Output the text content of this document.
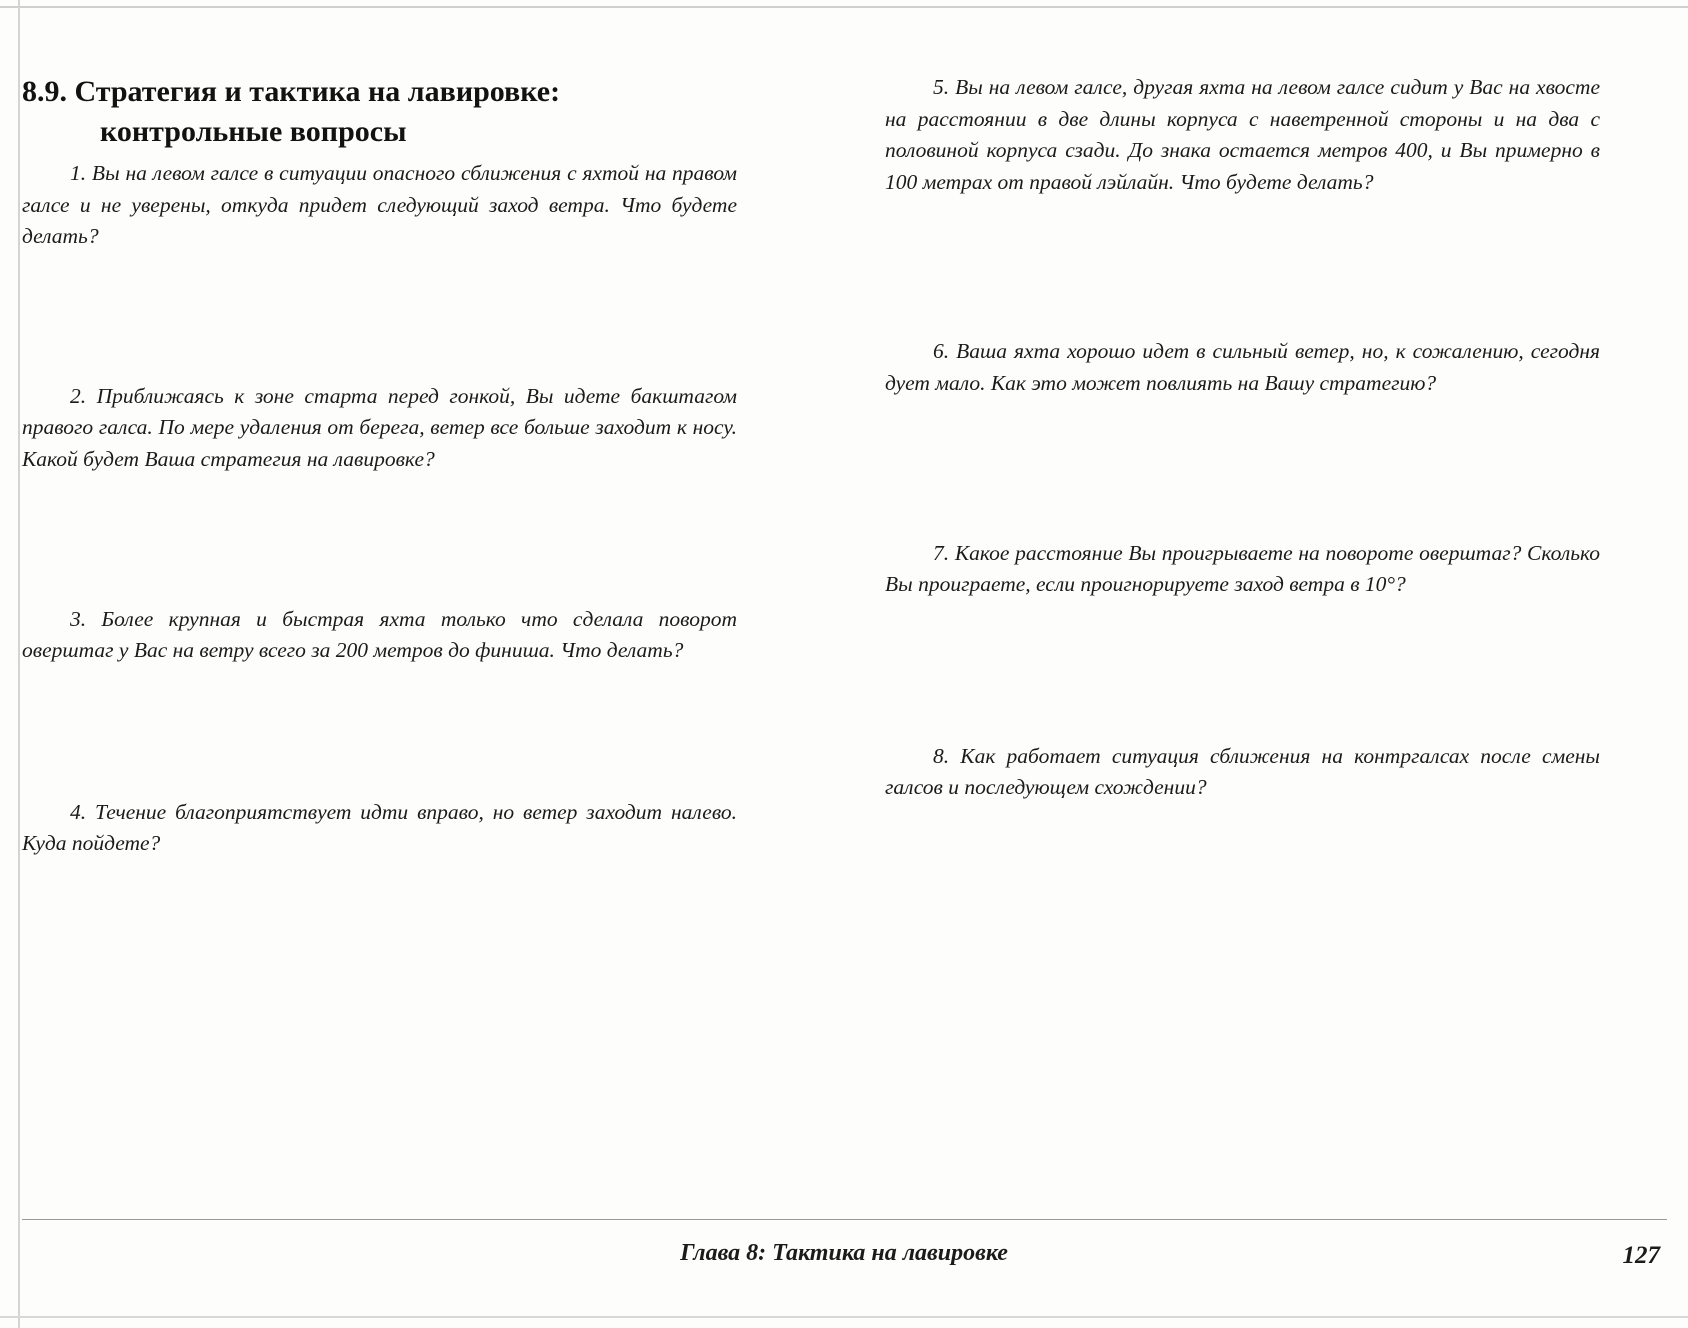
8.9. Стратегия и тактика на лавировке:
контрольные вопросы

1. Вы на левом галсе в ситуации опасного сближения с яхтой на правом галсе и не уверены, откуда придет следующий заход ветра. Что будете делать?

2. Приближаясь к зоне старта перед гонкой, Вы идете бакштагом правого галса. По мере удаления от берега, ветер все больше заходит к носу. Какой будет Ваша стратегия на лавировке?

3. Более крупная и быстрая яхта только что сделала поворот оверштаг у Вас на ветру всего за 200 метров до финиша. Что делать?

4. Течение благоприятствует идти вправо, но ветер заходит налево. Куда пойдете?

5. Вы на левом галсе, другая яхта на левом галсе сидит у Вас на хвосте на расстоянии в две длины корпуса с наветренной стороны и на два с половиной корпуса сзади. До знака остается метров 400, и Вы примерно в 100 метрах от правой лэйлайн. Что будете делать?

6. Ваша яхта хорошо идет в сильный ветер, но, к сожалению, сегодня дует мало. Как это может повлиять на Вашу стратегию?

7. Какое расстояние Вы проигрываете на повороте оверштаг? Сколько Вы проиграете, если проигнорируете заход ветра в 10°?

8. Как работает ситуация сближения на контргалсах после смены галсов и последующем схождении?

Глава 8: Тактика на лавировке	127
